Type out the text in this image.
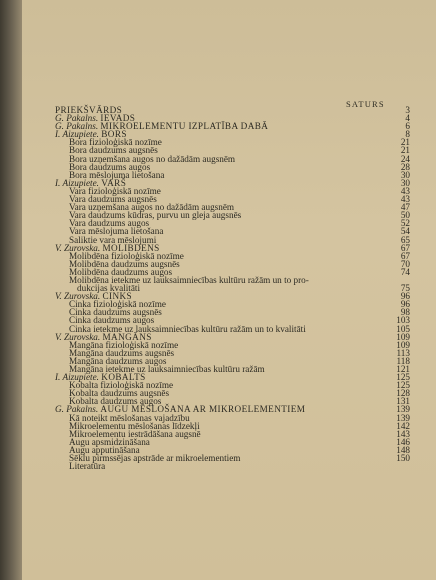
SATURS
PRIEKŠVĀRDS	3
G. Pakalns. IEVADS	4
G. Pakalns. MIKROELEMENTU IZPLATĪBA DABĀ	6
I. Aizupiete. BORS	8
Bora fizioloģiskā nozīme	21
Bora daudzums augsnēs	21
Bora uzņemšana augos no dažādām augsnēm	24
Bora daudzums augos	28
Bora mēslojuma lietošana	30
I. Aizupiete. VARŠ	30
Vara fizioloģiskā nozīme	43
Vara daudzums augsnēs	43
Vara uzņemšana augos no dažādām augsnēm	47
Vara daudzums kūdras, purvu un gleja augsnēs	50
Vara daudzums augos	52
Vara mēslojuma lietošana	54
Saliktie vara mēslojumi	65
V. Zurovska. MOLIBDENS	67
Molibdēna fizioloģiskā nozīme	67
Molibdēna daudzums augsnēs	70
Molibdēna daudzums augos	74
Molibdēna ietekme uz lauksaimniecības kultūru ražām un to pro-
dukcijas kvalitāti	75
V. Zurovska. CINKS	96
Cinka fizioloģiskā nozīme	96
Cinka daudzums augsnēs	98
Cinka daudzums augos	103
Cinka ietekme uz lauksaimniecības kultūru ražām un to kvalitāti	105
V. Zurovska. MANGĀNS	109
Mangāna fizioloģiskā nozīme	109
Mangāna daudzums augsnēs	113
Mangāna daudzums augos	118
Mangāna ietekme uz lauksaimniecības kultūru ražām	121
I. Aizupiete. KOBALTS	125
Kobalta fizioloģiskā nozīme	125
Kobalta daudzums augsnēs	128
Kobalta daudzums augos	131
G. Pakalns. AUGU MĒSLOŠANA AR MIKROELEMENTIEM	139
Kā noteikt mēslošanas vajadzību	139
Mikroelementu mēslošanas līdzekļi	142
Mikroelementu iestrādāšana augsnē	143
Augu apsmidzināšana	146
Augu apputināšana	148
Sēklu pirmssējas apstrāde ar mikroelementiem	150
Literatūra
